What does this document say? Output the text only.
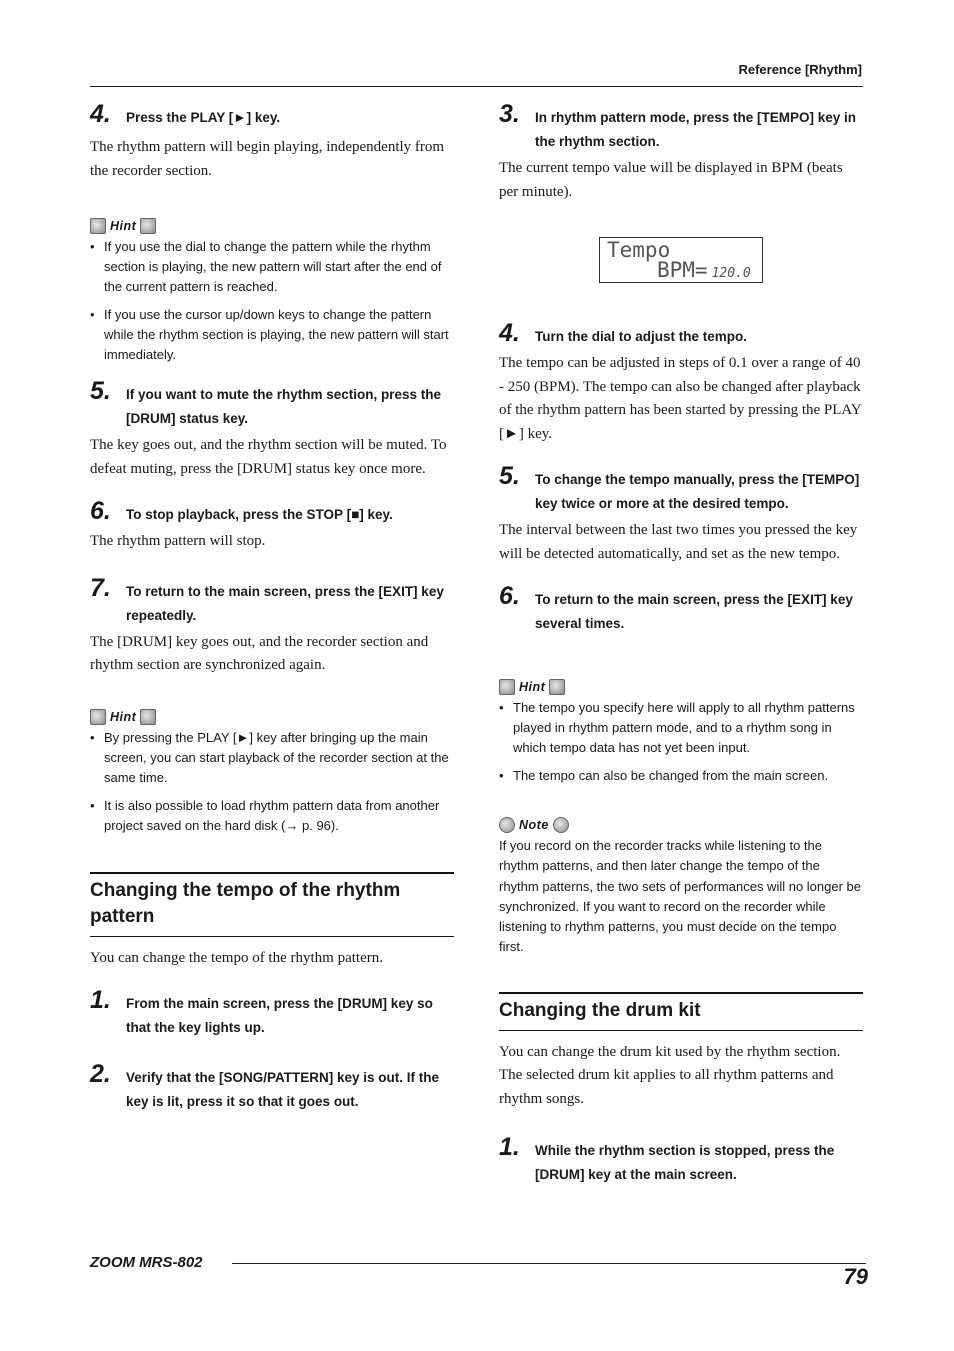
Reference [Rhythm]
4. Press the PLAY [►] key.

The rhythm pattern will begin playing, independently from the recorder section.

Hint
• If you use the dial to change the pattern while the rhythm section is playing, the new pattern will start after the end of the current pattern is reached.
• If you use the cursor up/down keys to change the pattern while the rhythm section is playing, the new pattern will start immediately.
5. If you want to mute the rhythm section, press the [DRUM] status key.

The key goes out, and the rhythm section will be muted. To defeat muting, press the [DRUM] status key once more.

6. To stop playback, press the STOP [■] key.

The rhythm pattern will stop.

7. To return to the main screen, press the [EXIT] key repeatedly.

The [DRUM] key goes out, and the recorder section and rhythm section are synchronized again.

Hint
• By pressing the PLAY [►] key after bringing up the main screen, you can start playback of the recorder section at the same time.
• It is also possible to load rhythm pattern data from another project saved on the hard disk (→ p. 96).
Changing the tempo of the rhythm pattern

You can change the tempo of the rhythm pattern.

1. From the main screen, press the [DRUM] key so that the key lights up.
2. Verify that the [SONG/PATTERN] key is out. If the key is lit, press it so that it goes out.
3. In rhythm pattern mode, press the [TEMPO] key in the rhythm section.

The current tempo value will be displayed in BPM (beats per minute).

Tempo
BPM= 120.0
4. Turn the dial to adjust the tempo.

The tempo can be adjusted in steps of 0.1 over a range of 40 - 250 (BPM). The tempo can also be changed after playback of the rhythm pattern has been started by pressing the PLAY [►] key.

5. To change the tempo manually, press the [TEMPO] key twice or more at the desired tempo.

The interval between the last two times you pressed the key will be detected automatically, and set as the new tempo.

6. To return to the main screen, press the [EXIT] key several times.
Hint
• The tempo you specify here will apply to all rhythm patterns played in rhythm pattern mode, and to a rhythm song in which tempo data has not yet been input.
• The tempo can also be changed from the main screen.
Note

If you record on the recorder tracks while listening to the rhythm patterns, and then later change the tempo of the rhythm patterns, the two sets of performances will no longer be synchronized. If you want to record on the recorder while listening to rhythm patterns, you must decide on the tempo first.

Changing the drum kit

You can change the drum kit used by the rhythm section. The selected drum kit applies to all rhythm patterns and rhythm songs.

1. While the rhythm section is stopped, press the [DRUM] key at the main screen.
ZOOM MRS-802
79
